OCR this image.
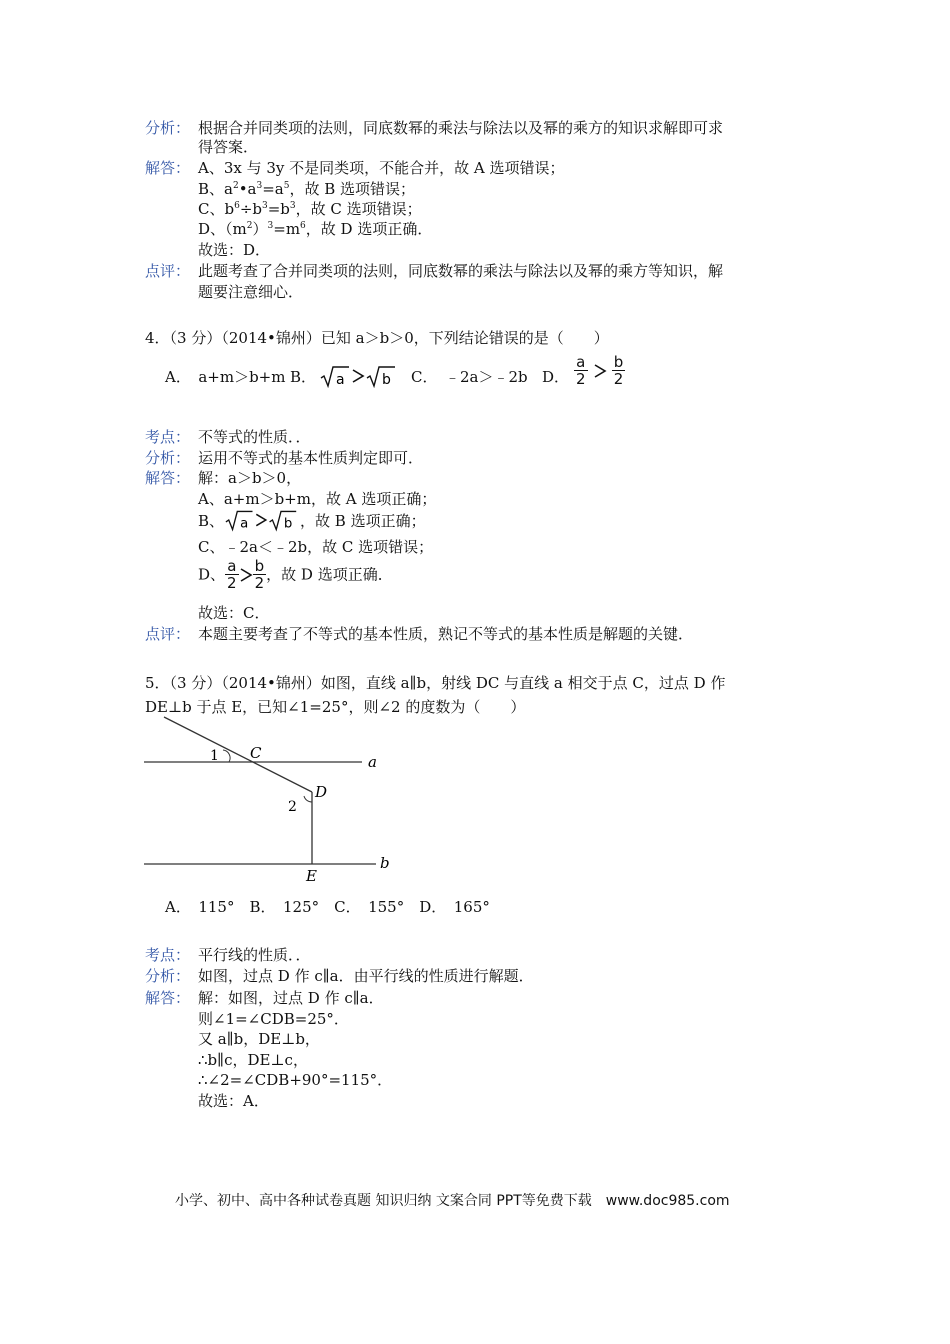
分析： 根据合并同类项的法则，同底数幂的乘法与除法以及幂的乘方的知识求解即可求
得答案．
解答： A、3x 与 3y 不是同类项，不能合并，故 A 选项错误；
B、$a^2•a^3=a^5$，故 B 选项错误；
C、$b^6\div b^3=b^3$，故 C 选项错误；
D、$(m^2)^3=m^6$，故 D 选项正确．
故选：D．
点评： 此题考查了合并同类项的法则，同底数幂的乘法与除法以及幂的乘方等知识，解
题要注意细心．
4．（3 分）（2014•锦州）已知 a＞b＞0，下列结论错误的是（　　）
A．　a+m＞b+m B． a	b C．　﹣2a＞﹣2b D． $\frac{a}{2}$
$\frac{b}{2}$
考点： 不等式的性质．．
分析： 运用不等式的基本性质判定即可．
解答： 解：a＞b＞0，
A、a+m＞b+m，故 A 选项正确；
B、 a	b ，故 B 选项正确；
C、﹣2a＜﹣2b，故 C 选项错误；
D、 $\frac{a}{2} \frac{b}{2}$ ，故 D 选项正确．
故选：C．
点评： 本题主要考查了不等式的基本性质，熟记不等式的基本性质是解题的关键．
5．（3 分）（2014•锦州）如图，直线 a∥b，射线 DC 与直线 a 相交于点 C，过点 D 作
DE⊥b 于点 E，已知∠1=25°，则∠2 的度数为（　　）
1 C	a
D
2
b
E
A．　115°　B．　125°　C．　155°　D．　165°
考点： 平行线的性质．．
分析： 如图，过点 D 作 c∥a．由平行线的性质进行解题．
解答： 解：如图，过点 D 作 c∥a．
则∠1=∠CDB=25°．
又 a∥b，DE⊥b，
∴b∥c，DE⊥c，
∴∠2=∠CDB+90°=115°．
故选：A．
小学、初中、高中各种试卷真题 知识归纳 文案合同 PPT等免费下载　www.doc985.com
